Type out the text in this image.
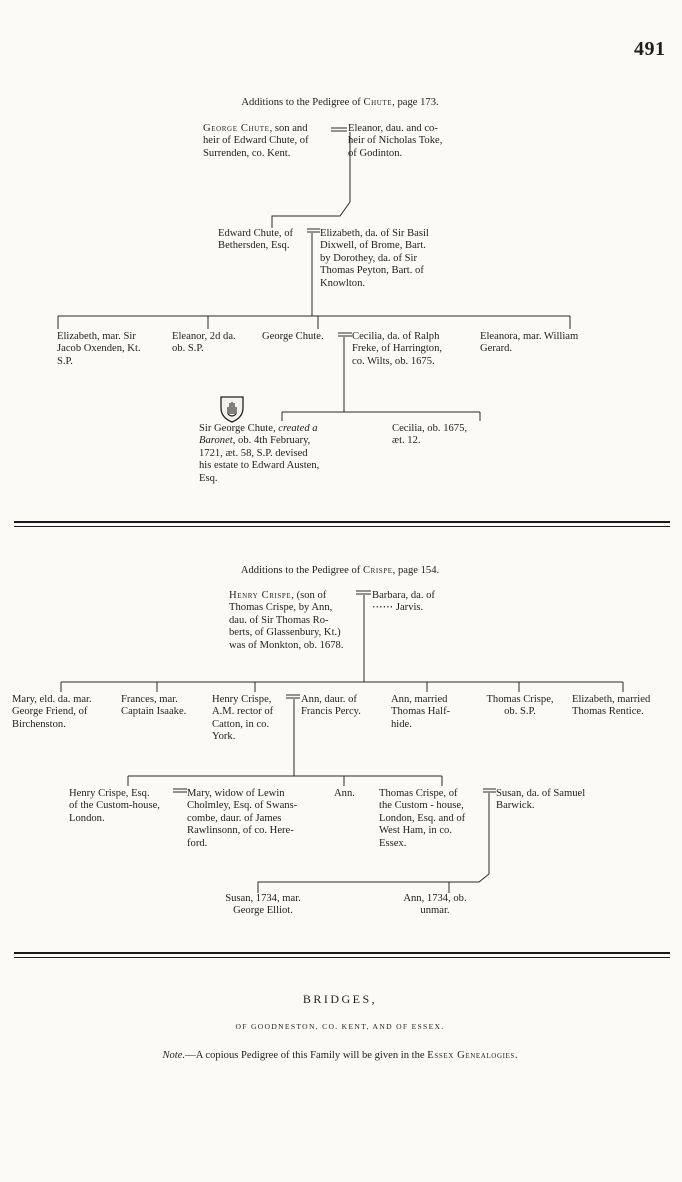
491
Additions to the Pedigree of Chute, page 173.
George Chute, son and
heir of Edward Chute, of
Surrenden, co. Kent.
Eleanor, dau. and co-
heir of Nicholas Toke,
of Godinton.
Edward Chute, of
Bethersden, Esq.
Elizabeth, da. of Sir Basil
Dixwell, of Brome, Bart.
by Dorothey, da. of Sir
Thomas Peyton, Bart. of
Knowlton.
Elizabeth, mar. Sir
Jacob Oxenden, Kt.
S.P.
Eleanor, 2d da.
ob. S.P.
George Chute.	Cecilia, da. of Ralph
Freke, of Harrington,
co. Wilts, ob. 1675.
Eleanora, mar. William
Gerard.
Sir George Chute, created a
Baronet, ob. 4th February,
1721, æt. 58, S.P. devised
his estate to Edward Austen,
Esq.
Cecilia, ob. 1675,
æt. 12.
Additions to the Pedigree of Crispe, page 154.
Henry Crispe, (son of
Thomas Crispe, by Ann,
dau. of Sir Thomas Ro-
berts, of Glassenbury, Kt.)
was of Monkton, ob. 1678.
Barbara, da. of
⋯⋯ Jarvis.
Mary, eld. da. mar.
George Friend, of
Birchenston.
Frances, mar.
Captain Isaake.
Henry Crispe,
A.M. rector of
Catton, in co.
York.
Ann, daur. of
Francis Percy.
Ann, married
Thomas Half-
hide.
Thomas Crispe,
ob. S.P.
Elizabeth, married
Thomas Rentice.
Henry Crispe, Esq.
of the Custom-house,
London.
Mary, widow of Lewin
Cholmley, Esq. of Swans-
combe, daur. of James
Rawlinsonn, of co. Here-
ford.
Ann. Thomas Crispe, of
the Custom - house,
London, Esq. and of
West Ham, in co.
Essex.
Susan, da. of Samuel
Barwick.
Susan, 1734, mar.
George Elliot.
Ann, 1734, ob.
unmar.
BRIDGES,
OF GOODNESTON, CO. KENT, AND OF ESSEX.
Note.—A copious Pedigree of this Family will be given in the Essex Genealogies.
